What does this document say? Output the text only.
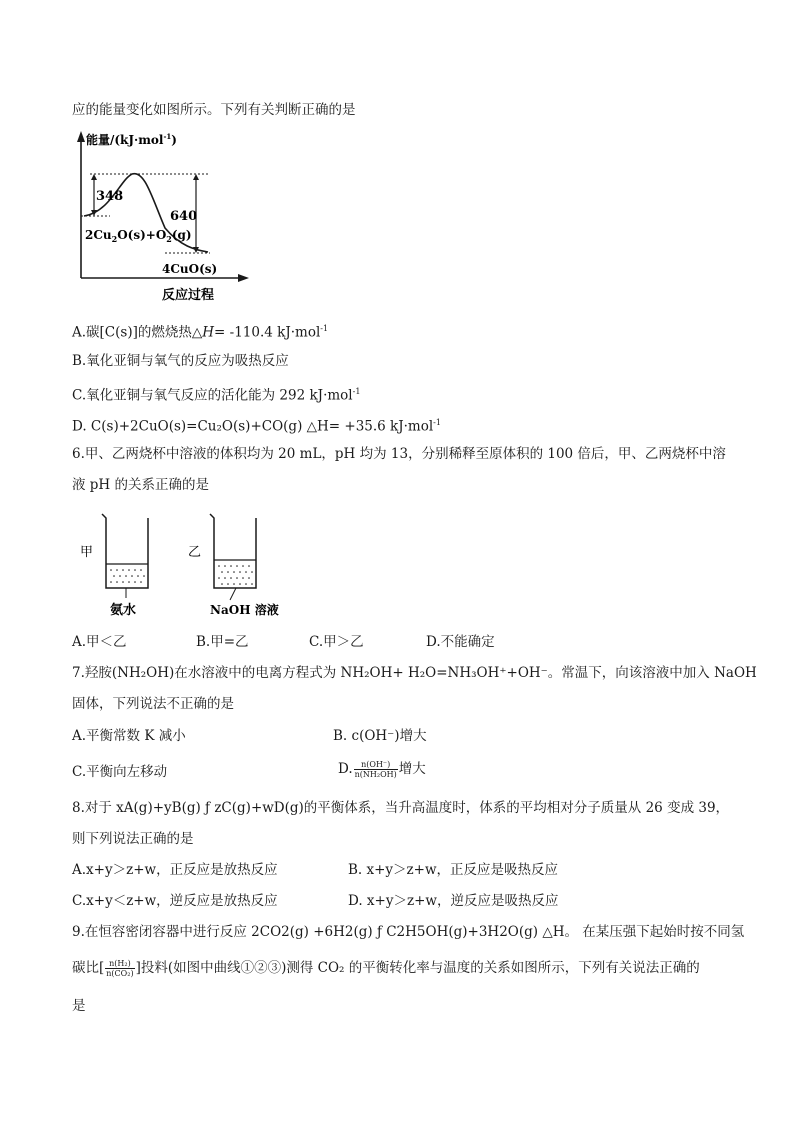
应的能量变化如图所示。下列有关判断正确的是
能量/(kJ·mol$^{-1}$)
348
640
$2Cu_2O(s)+O_2(g)$
4CuO(s)
反应过程
A.碳[C(s)]的燃烧热△H= -110.4 kJ·mol$^{-1}$
B.氧化亚铜与氧气的反应为吸热反应
C.氧化亚铜与氧气反应的活化能为 292 kJ·mol$^{-1}$
D. C(s)+2CuO(s)=Cu₂O(s)+CO(g) △H= +35.6 kJ·mol$^{-1}$
6.甲、乙两烧杯中溶液的体积均为 20 mL，pH 均为 13，分别稀释至原体积的 100 倍后，甲、乙两烧杯中溶
液 pH 的关系正确的是
甲
氨水
乙
NaOH 溶液
A.甲＜乙	B.甲=乙	C.甲＞乙	D.不能确定
7.羟胺(NH₂OH)在水溶液中的电离方程式为 NH₂OH+ H₂O=NH₃OH⁺+OH⁻。常温下，向该溶液中加入 NaOH
固体，下列说法不正确的是
A.平衡常数 K 减小	B. c(OH⁻)增大
C.平衡向左移动	D. $\frac{n(OH^-)}{\text{n(NH₂OH)}}$ 增大
8.对于 xA(g)+yB(g) ƒ zC(g)+wD(g)的平衡体系，当升高温度时，体系的平均相对分子质量从 26 变成 39，
则下列说法正确的是
A.x+y＞z+w，正反应是放热反应	B. x+y＞z+w，正反应是吸热反应
C.x+y＜z+w，逆反应是放热反应	D. x+y＞z+w，逆反应是吸热反应
9.在恒容密闭容器中进行反应 2CO2(g) +6H2(g) ƒ C2H5OH(g)+3H2O(g) △H。 在某压强下起始时按不同氢
碳比[ $\frac{\text{n(H₂)}}{\text{n(CO₂)}}$ ]投料(如图中曲线①②③)测得 CO₂ 的平衡转化率与温度的关系如图所示，下列有关说法正确的
是
